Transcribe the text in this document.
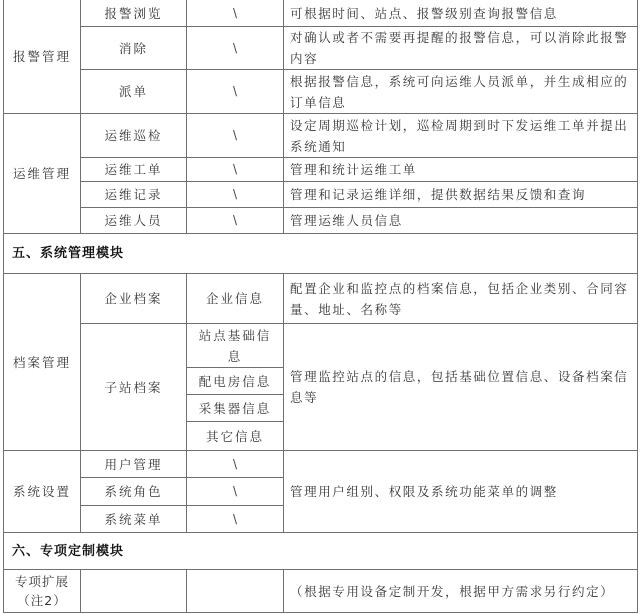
报警管理	报警浏览	\	可根据时间、站点、报警级别查询报警信息
	消除	\	对确认或者不需要再提醒的报警信息，可以消除此报警内容
	派单	\	根据报警信息，系统可向运维人员派单，并生成相应的订单信息
运维管理	运维巡检	\	设定周期巡检计划，巡检周期到时下发运维工单并提出系统通知
	运维工单	\	管理和统计运维工单
	运维记录	\	管理和记录运维详细，提供数据结果反馈和查询
	运维人员	\	管理运维人员信息
五、系统管理模块			
档案管理	企业档案	企业信息	配置企业和监控点的档案信息，包括企业类别、合同容量、地址、名称等
	子站档案	站点基础信息	管理监控站点的信息，包括基础位置信息、设备档案信息等
		配电房信息	
		采集器信息	
		其它信息	
系统设置	用户管理	\	管理用户组别、权限及系统功能菜单的调整
	系统角色	\	
	系统菜单	\	
六、专项定制模块			
专项扩展（注2）			（根据专用设备定制开发，根据甲方需求另行约定）
